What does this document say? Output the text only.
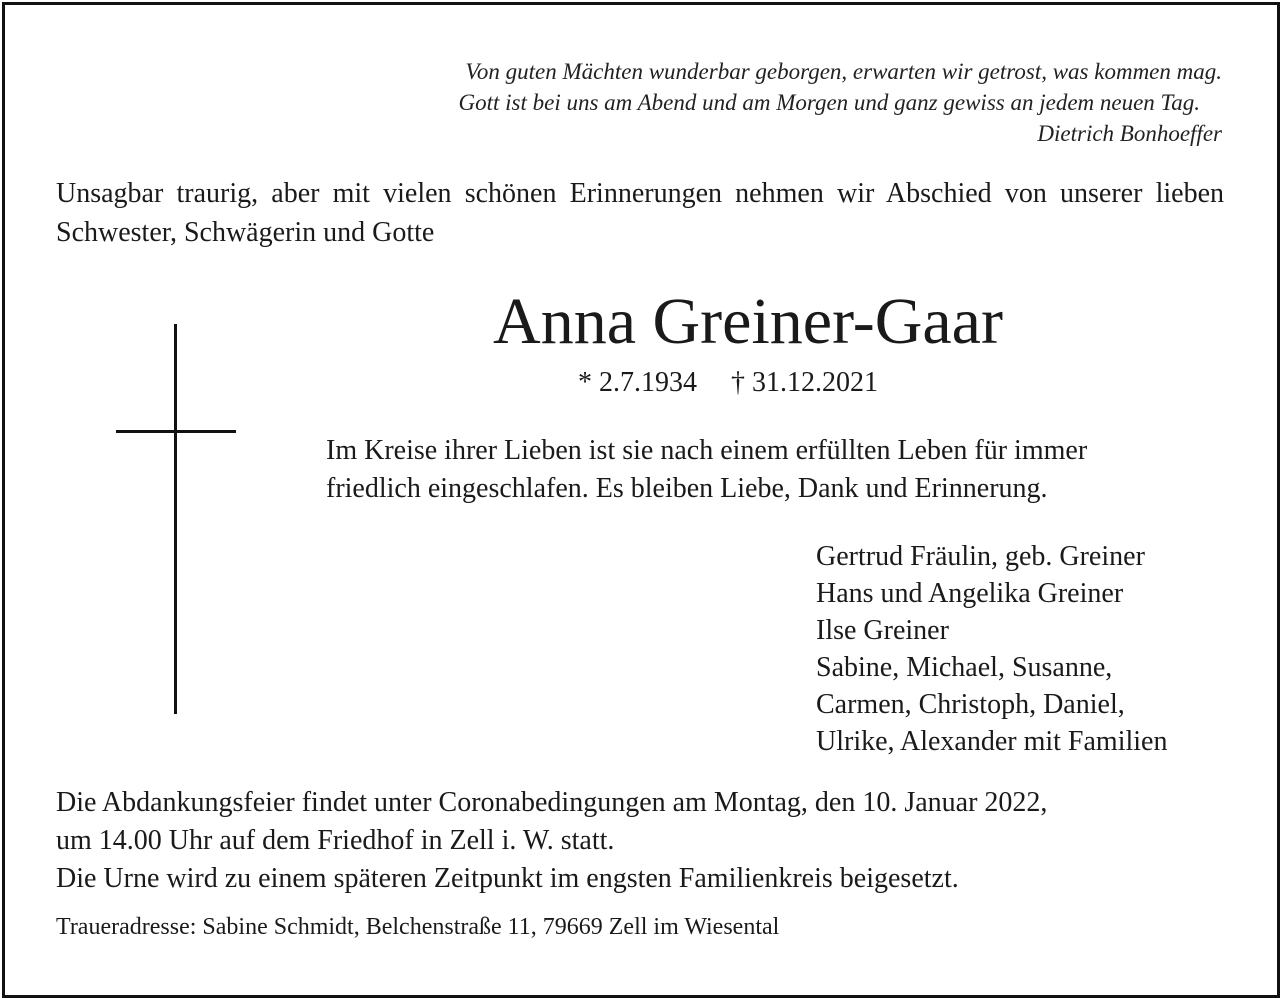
Von guten Mächten wunderbar geborgen, erwarten wir getrost, was kommen mag.
Gott ist bei uns am Abend und am Morgen und ganz gewiss an jedem neuen Tag.
Dietrich Bonhoeffer
Unsagbar traurig, aber mit vielen schönen Erinnerungen nehmen wir Abschied von unserer lieben Schwester, Schwägerin und Gotte
Anna Greiner-Gaar
* 2.7.1934 † 31.12.2021
Im Kreise ihrer Lieben ist sie nach einem erfüllten Leben für immer
friedlich eingeschlafen. Es bleiben Liebe, Dank und Erinnerung.
Gertrud Fräulin, geb. Greiner
Hans und Angelika Greiner
Ilse Greiner
Sabine, Michael, Susanne,
Carmen, Christoph, Daniel,
Ulrike, Alexander mit Familien
Die Abdankungsfeier findet unter Coronabedingungen am Montag, den 10. Januar 2022,
um 14.00 Uhr auf dem Friedhof in Zell i. W. statt.
Die Urne wird zu einem späteren Zeitpunkt im engsten Familienkreis beigesetzt.
Traueradresse: Sabine Schmidt, Belchenstraße 11, 79669 Zell im Wiesental
